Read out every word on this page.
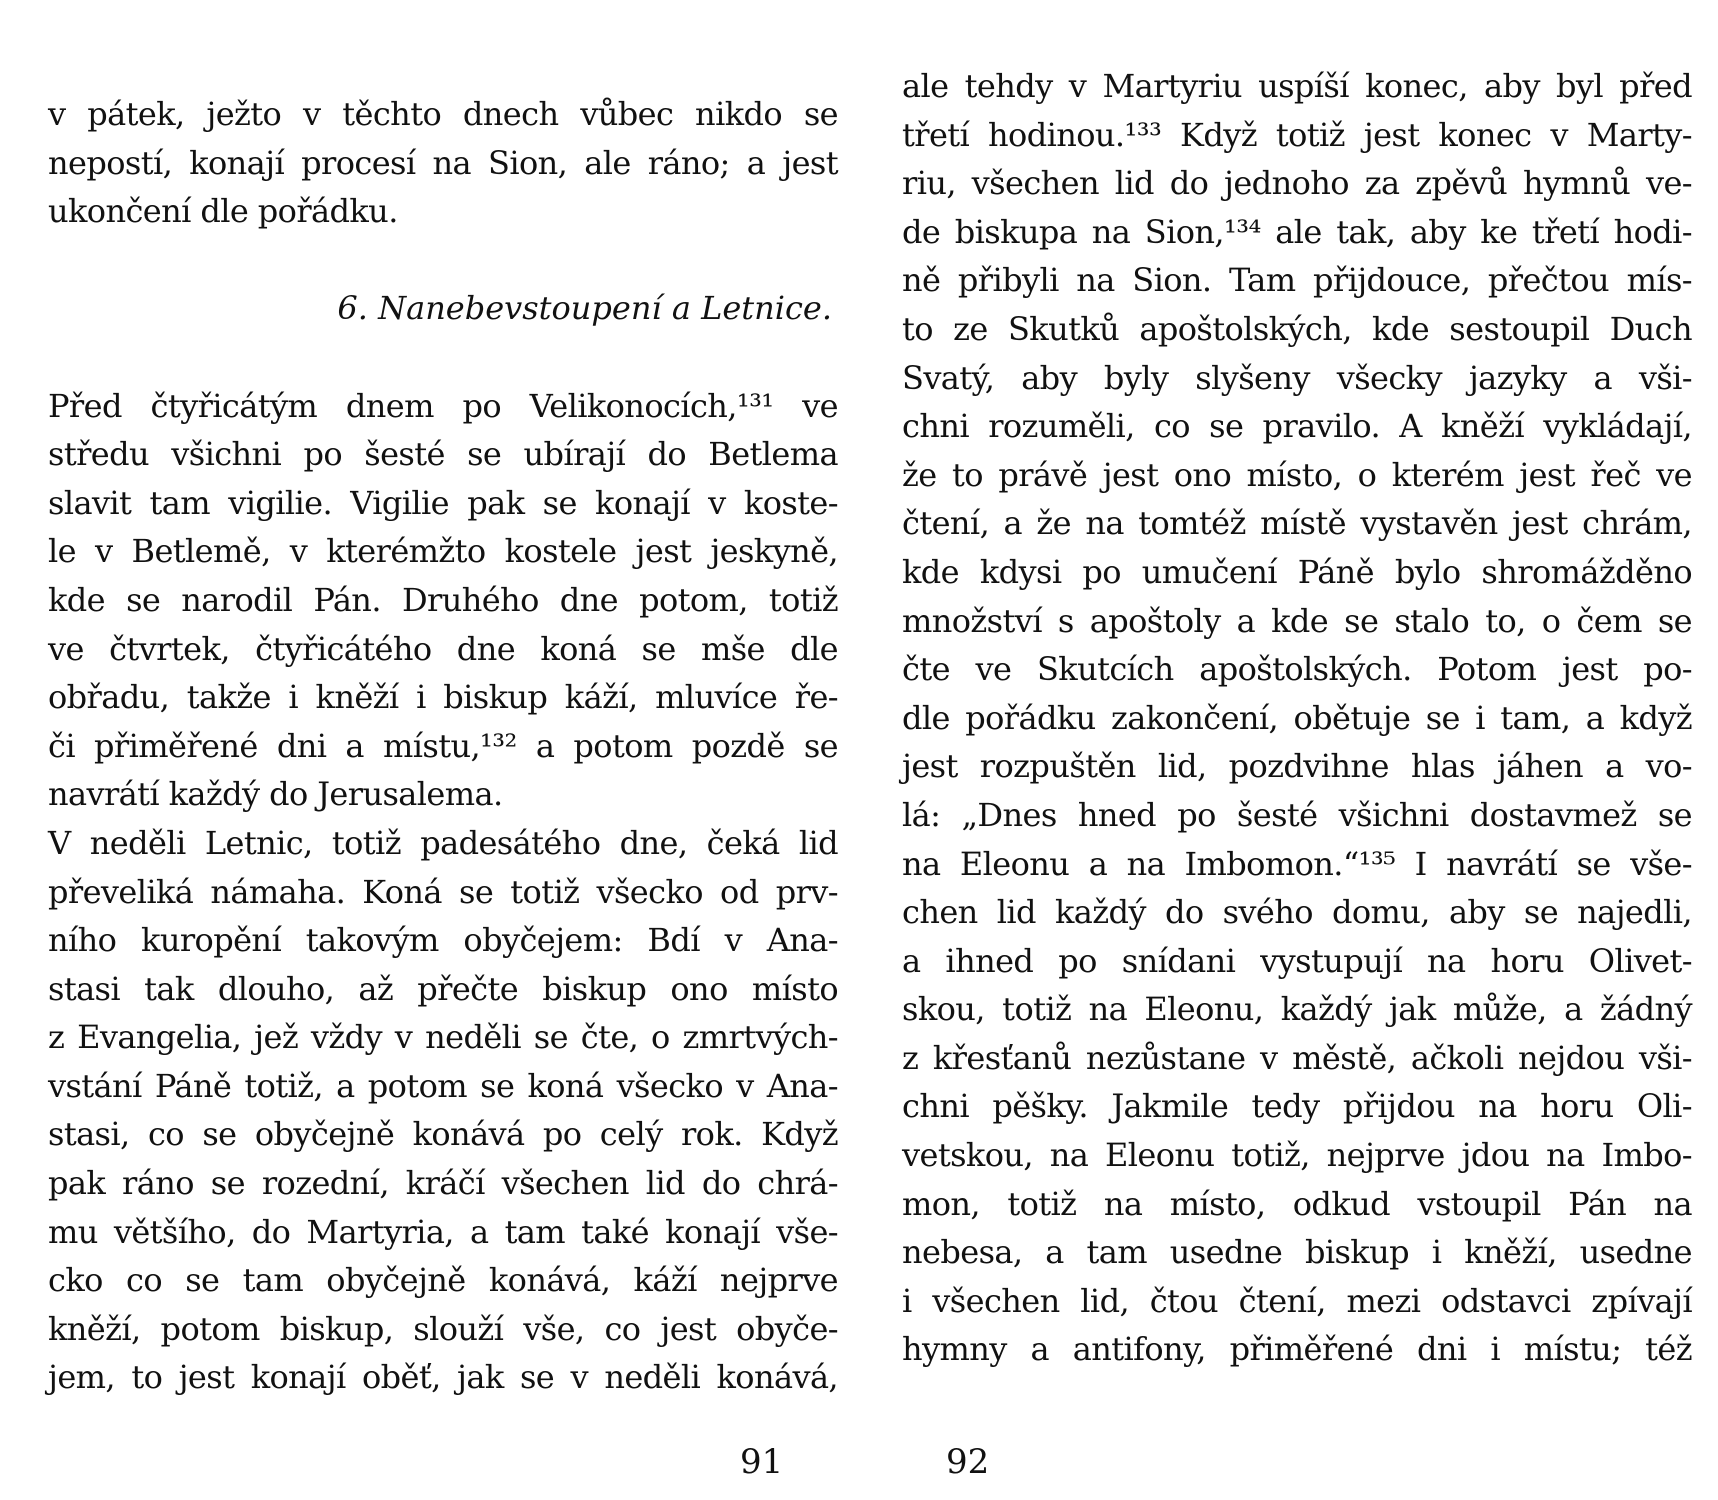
v pátek, ježto v těchto dnech vůbec nikdo se
nepostí, konají procesí na Sion, ale ráno; a jest
ukončení dle pořádku.
6. Nanebevstoupení a Letnice.
Před čtyřicátým dnem po Velikonocích,¹³¹ ve
středu všichni po šesté se ubírají do Betlema
slavit tam vigilie. Vigilie pak se konají v koste-
le v Betlemě, v kterémžto kostele jest jeskyně,
kde se narodil Pán. Druhého dne potom, totiž
ve čtvrtek, čtyřicátého dne koná se mše dle
obřadu, takže i kněží i biskup káží, mluvíce ře-
či přiměřené dni a místu,¹³² a potom pozdě se
navrátí každý do Jerusalema.
V neděli Letnic, totiž padesátého dne, čeká lid
převeliká námaha. Koná se totiž všecko od prv-
ního kuropění takovým obyčejem: Bdí v Ana-
stasi tak dlouho, až přečte biskup ono místo
z Evangelia, jež vždy v neděli se čte, o zmrtvých-
vstání Páně totiž, a potom se koná všecko v Ana-
stasi, co se obyčejně konává po celý rok. Když
pak ráno se rozední, kráčí všechen lid do chrá-
mu většího, do Martyria, a tam také konají vše-
cko co se tam obyčejně konává, káží nejprve
kněží, potom biskup, slouží vše, co jest obyče-
jem, to jest konají oběť, jak se v neděli konává,
91
ale tehdy v Martyriu uspíší konec, aby byl před
třetí hodinou.¹³³ Když totiž jest konec v Marty-
riu, všechen lid do jednoho za zpěvů hymnů ve-
de biskupa na Sion,¹³⁴ ale tak, aby ke třetí hodi-
ně přibyli na Sion. Tam přijdouce, přečtou mís-
to ze Skutků apoštolských, kde sestoupil Duch
Svatý, aby byly slyšeny všecky jazyky a vši-
chni rozuměli, co se pravilo. A kněží vykládají,
že to právě jest ono místo, o kterém jest řeč ve
čtení, a že na tomtéž místě vystavěn jest chrám,
kde kdysi po umučení Páně bylo shromážděno
množství s apoštoly a kde se stalo to, o čem se
čte ve Skutcích apoštolských. Potom jest po-
dle pořádku zakončení, obětuje se i tam, a když
jest rozpuštěn lid, pozdvihne hlas jáhen a vo-
lá: „Dnes hned po šesté všichni dostavmež se
na Eleonu a na Imbomon.“¹³⁵ I navrátí se vše-
chen lid každý do svého domu, aby se najedli,
a ihned po snídani vystupují na horu Olivet-
skou, totiž na Eleonu, každý jak může, a žádný
z křesťanů nezůstane v městě, ačkoli nejdou vši-
chni pěšky. Jakmile tedy přijdou na horu Oli-
vetskou, na Eleonu totiž, nejprve jdou na Imbo-
mon, totiž na místo, odkud vstoupil Pán na
nebesa, a tam usedne biskup i kněží, usedne
i všechen lid, čtou čtení, mezi odstavci zpívají
hymny a antifony, přiměřené dni i místu; též
92
